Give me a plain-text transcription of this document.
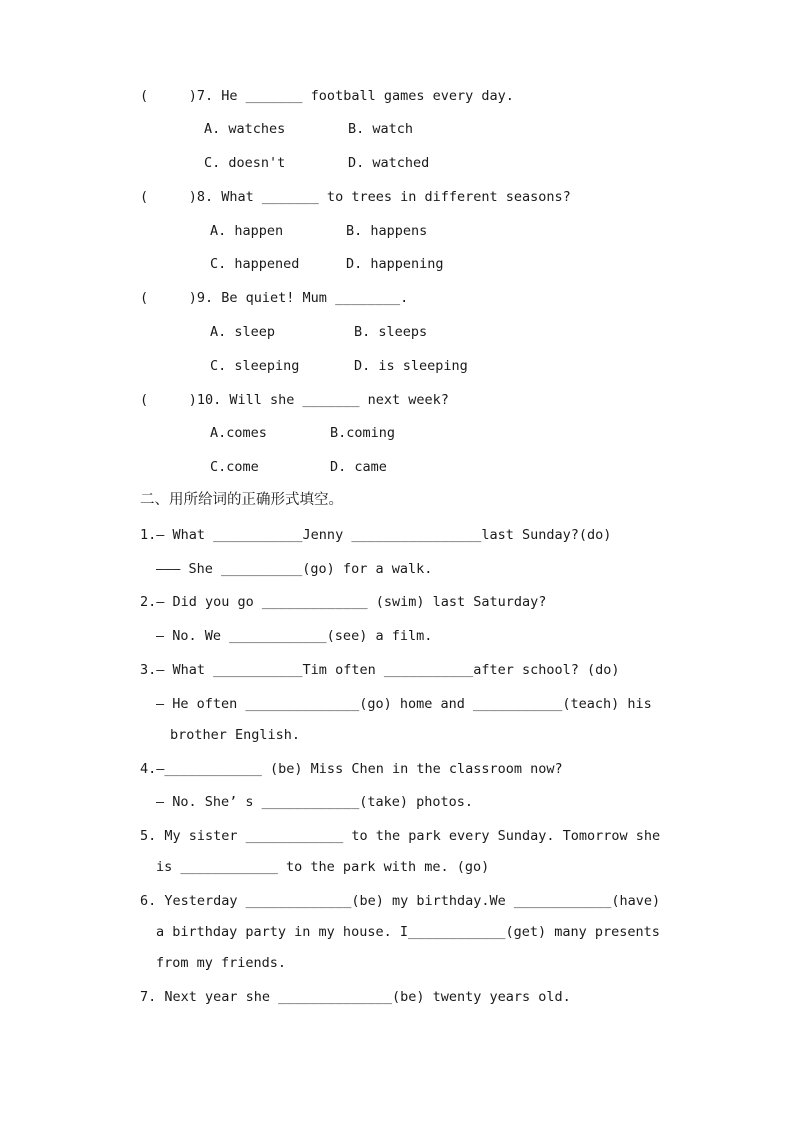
(     )7. He _______ football games every day.
A. watches	B. watch
C. doesn't	D. watched
(     )8. What _______ to trees in different seasons?
A. happen	B. happens
C. happened	D. happening
(     )9. Be quiet! Mum ________.
A. sleep	B. sleeps
C. sleeping	D. is sleeping
(     )10. Will she _______ next week?
A.comes	B.coming
C.come	D. came
二、用所给词的正确形式填空。
1.— What ___________Jenny ________________last Sunday?(do)
——— She __________(go) for a walk.
2.— Did you go _____________ (swim) last Saturday?
— No. We ____________(see) a film.
3.— What ___________Tim often ___________after school? (do)
— He often ______________(go) home and ___________(teach) his
brother English.
4.—____________ (be) Miss Chen in the classroom now?
— No. She’ s ____________(take) photos.
5. My sister ____________ to the park every Sunday. Tomorrow she
is ____________ to the park with me. (go)
6. Yesterday _____________(be) my birthday.We ____________(have)
a birthday party in my house. I____________(get) many presents
from my friends.
7. Next year she ______________(be) twenty years old.
